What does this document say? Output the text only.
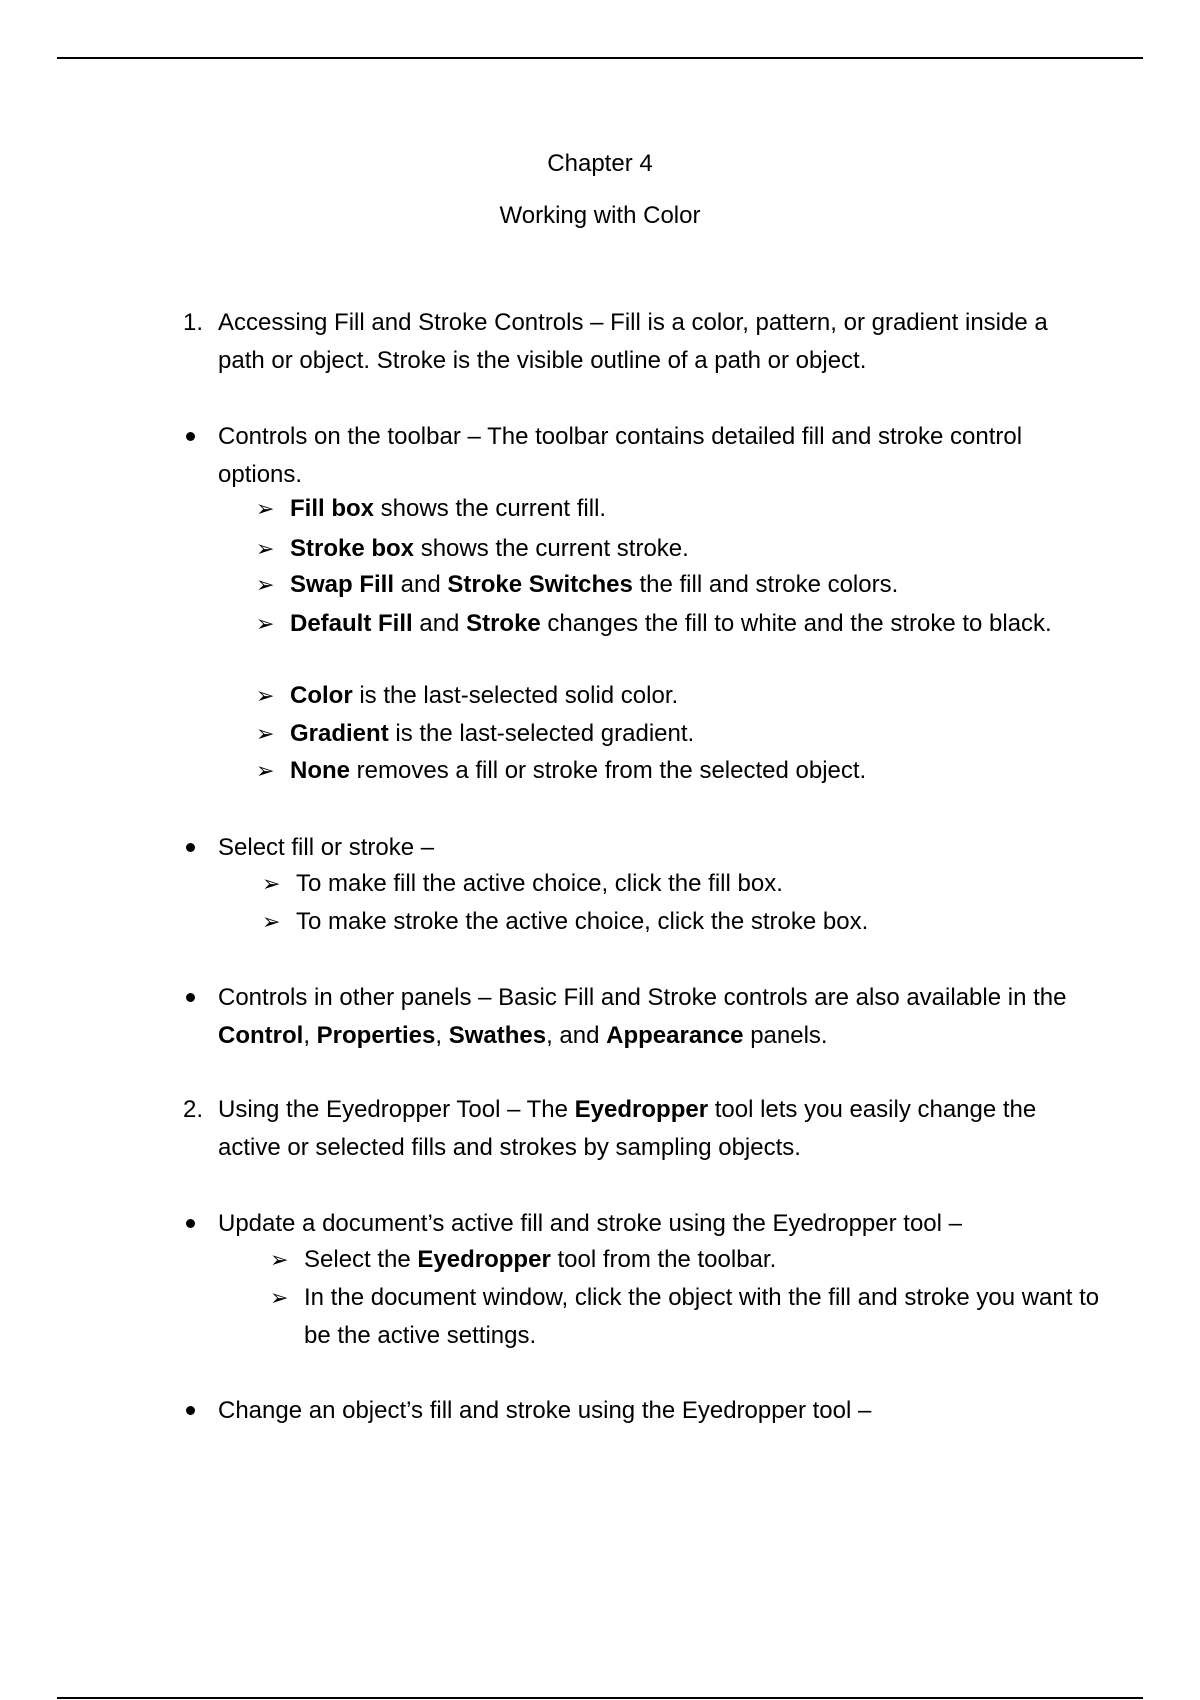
Chapter 4
Working with Color
1. Accessing Fill and Stroke Controls – Fill is a color, pattern, or gradient inside a path or object. Stroke is the visible outline of a path or object.
Controls on the toolbar – The toolbar contains detailed fill and stroke control options.
➢ Fill box shows the current fill.
➢ Stroke box shows the current stroke.
➢ Swap Fill and Stroke Switches the fill and stroke colors.
➢ Default Fill and Stroke changes the fill to white and the stroke to black.
➢ Color is the last-selected solid color.
➢ Gradient is the last-selected gradient.
➢ None removes a fill or stroke from the selected object.
Select fill or stroke –
➢ To make fill the active choice, click the fill box.
➢ To make stroke the active choice, click the stroke box.
Controls in other panels – Basic Fill and Stroke controls are also available in the Control, Properties, Swathes, and Appearance panels.
2. Using the Eyedropper Tool – The Eyedropper tool lets you easily change the active or selected fills and strokes by sampling objects.
Update a document’s active fill and stroke using the Eyedropper tool –
➢ Select the Eyedropper tool from the toolbar.
➢ In the document window, click the object with the fill and stroke you want to be the active settings.
Change an object’s fill and stroke using the Eyedropper tool –
